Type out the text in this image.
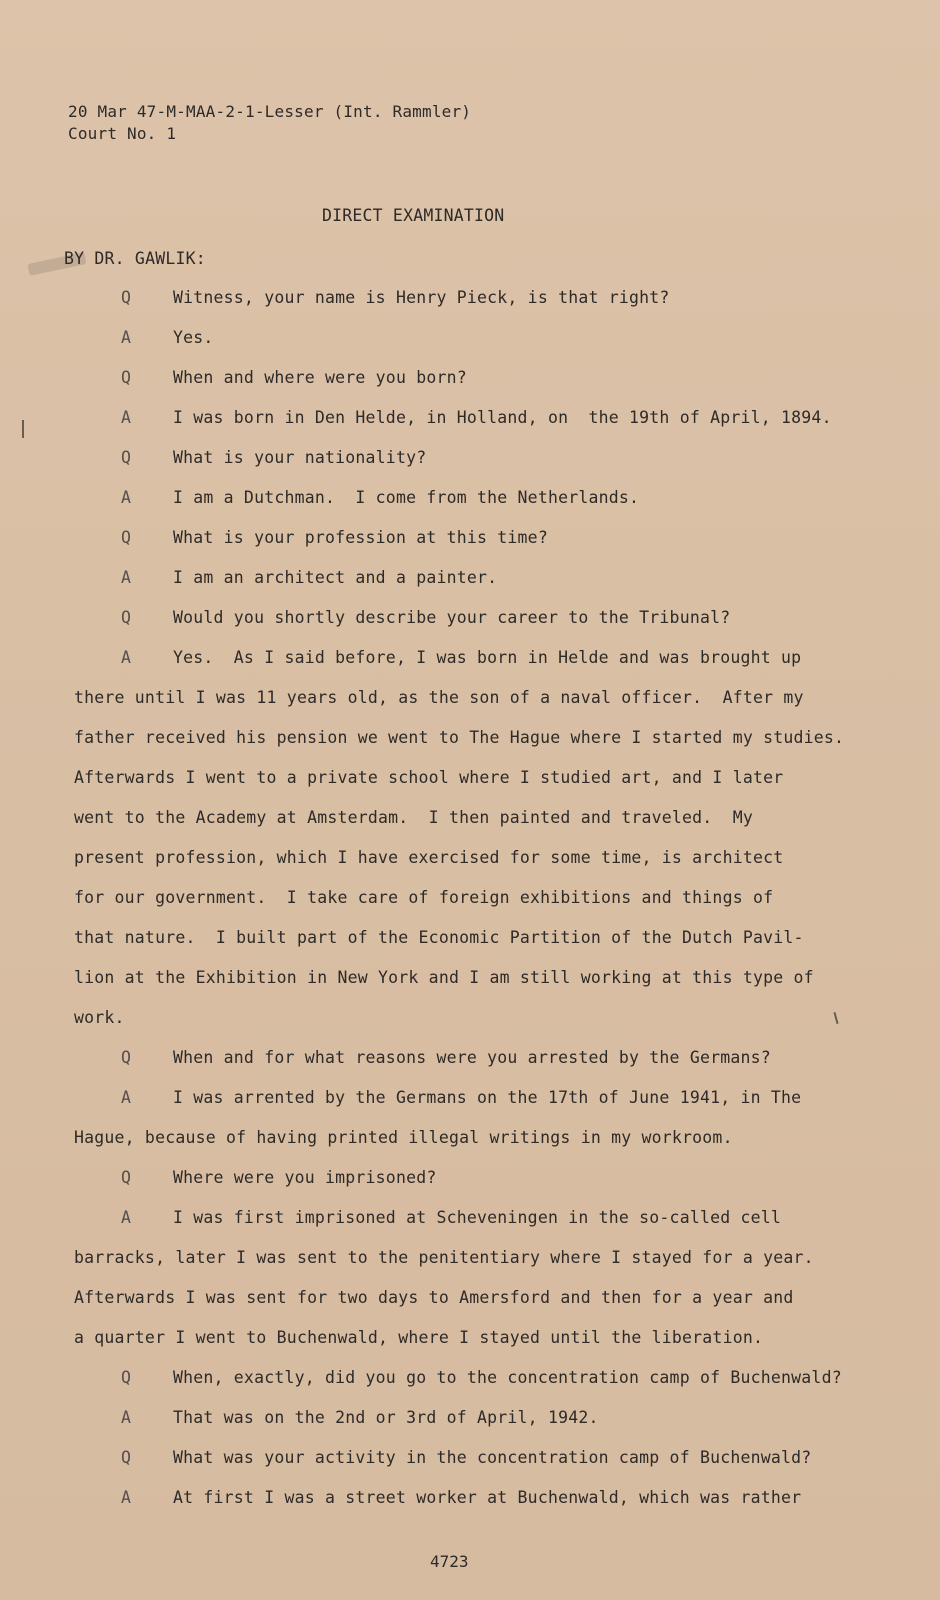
20 Mar 47-M-MAA-2-1-Lesser (Int. Rammler)
Court No. 1
DIRECT EXAMINATION
BY DR. GAWLIK:
Q	Witness, your name is Henry Pieck, is that right?
A	Yes.
Q	When and where were you born?
A	I was born in Den Helde, in Holland, on  the 19th of April, 1894.
Q	What is your nationality?
A	I am a Dutchman.  I come from the Netherlands.
Q	What is your profession at this time?
A	I am an architect and a painter.
Q	Would you shortly describe your career to the Tribunal?
A	Yes.  As I said before, I was born in Helde and was brought up
there until I was 11 years old, as the son of a naval officer.  After my
father received his pension we went to The Hague where I started my studies.
Afterwards I went to a private school where I studied art, and I later
went to the Academy at Amsterdam.  I then painted and traveled.  My
present profession, which I have exercised for some time, is architect
for our government.  I take care of foreign exhibitions and things of
that nature.  I built part of the Economic Partition of the Dutch Pavil-
lion at the Exhibition in New York and I am still working at this type of
work.
Q	When and for what reasons were you arrested by the Germans?
A	I was arrented by the Germans on the 17th of June 1941, in The
Hague, because of having printed illegal writings in my workroom.
Q	Where were you imprisoned?
A	I was first imprisoned at Scheveningen in the so-called cell
barracks, later I was sent to the penitentiary where I stayed for a year.
Afterwards I was sent for two days to Amersford and then for a year and
a quarter I went to Buchenwald, where I stayed until the liberation.
Q	When, exactly, did you go to the concentration camp of Buchenwald?
A	That was on the 2nd or 3rd of April, 1942.
Q	What was your activity in the concentration camp of Buchenwald?
A	At first I was a street worker at Buchenwald, which was rather
4723
